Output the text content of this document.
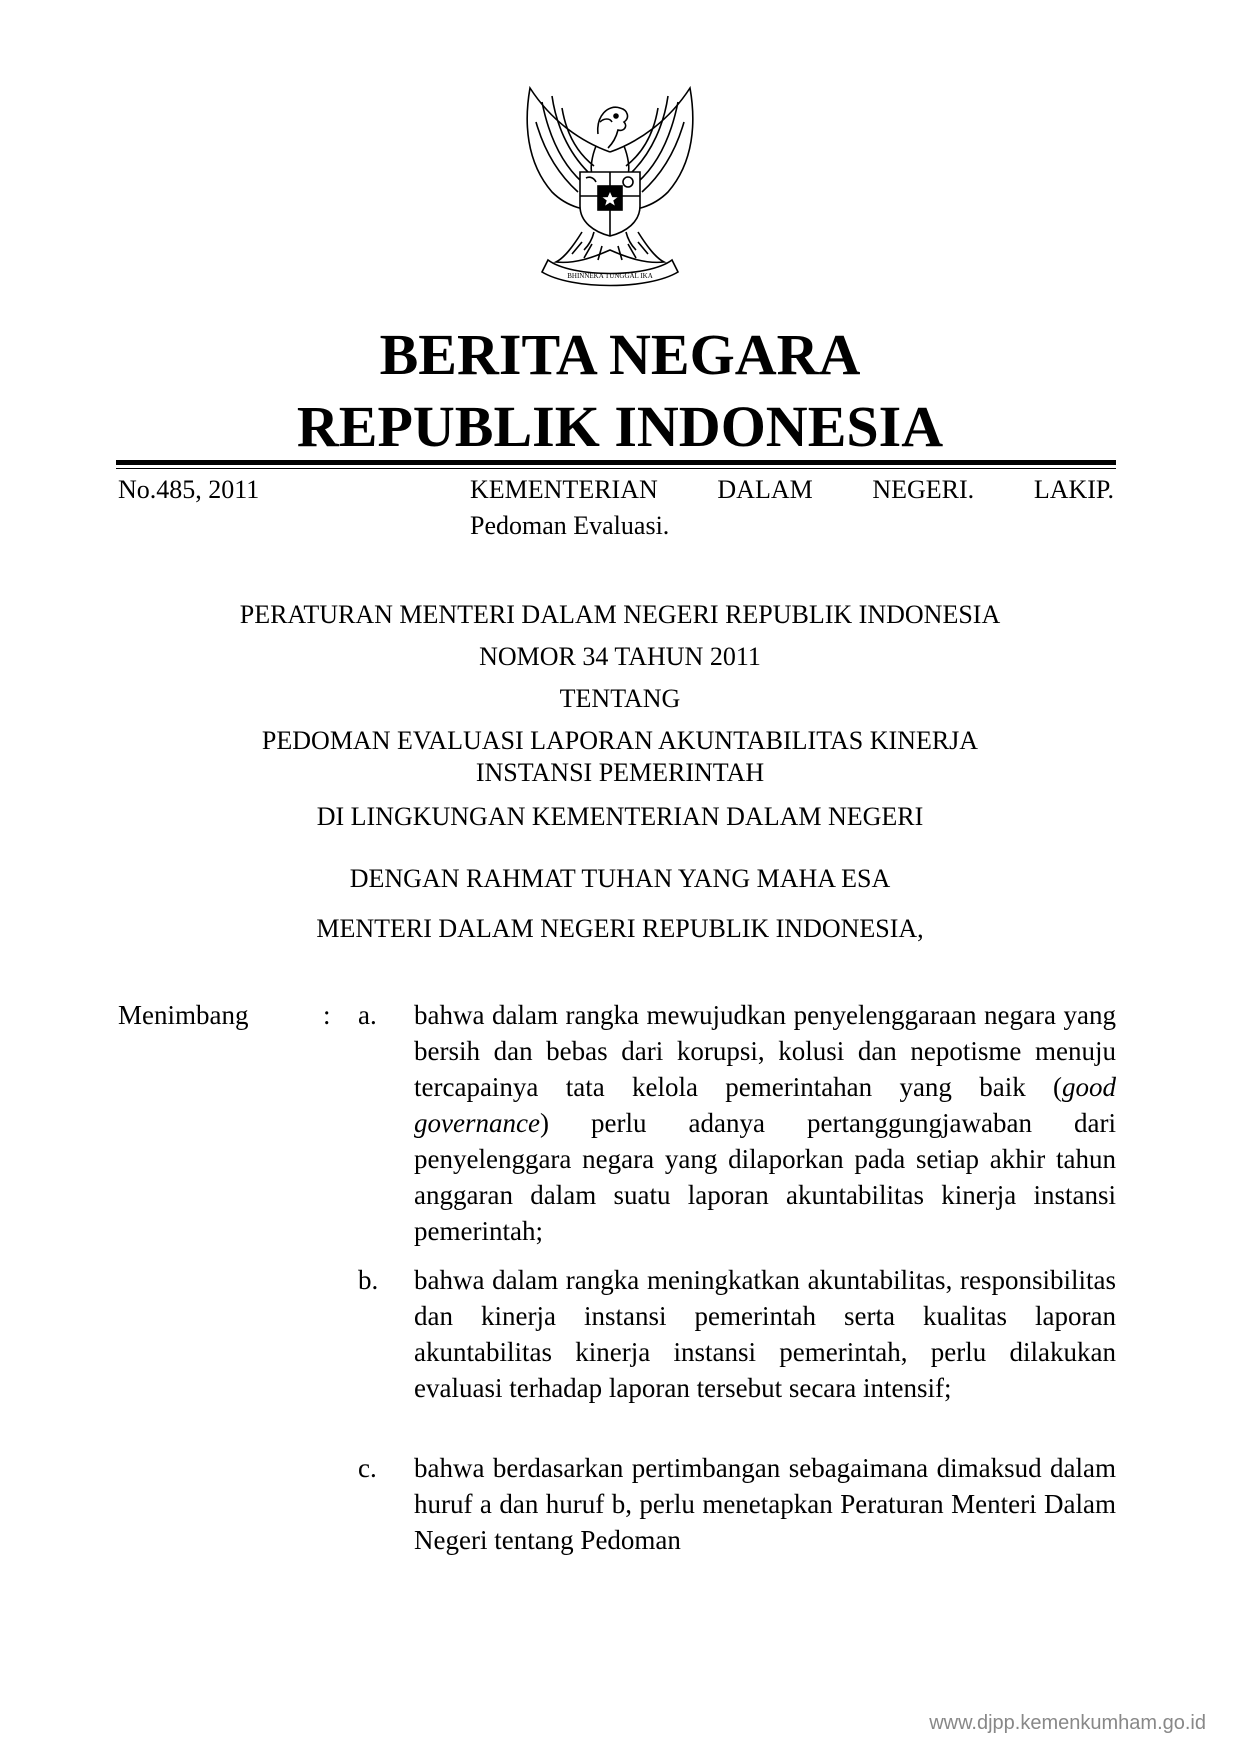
BHINNEKA TUNGGAL IKA
BERITA NEGARA
REPUBLIK INDONESIA
No.485, 2011	KEMENTERIAN DALAM NEGERI. LAKIP.
Pedoman Evaluasi.
PERATURAN MENTERI DALAM NEGERI REPUBLIK INDONESIA
NOMOR 34 TAHUN 2011
TENTANG
PEDOMAN EVALUASI LAPORAN AKUNTABILITAS KINERJA
INSTANSI PEMERINTAH
DI LINGKUNGAN KEMENTERIAN DALAM NEGERI
DENGAN RAHMAT TUHAN YANG MAHA ESA
MENTERI DALAM NEGERI REPUBLIK INDONESIA,
Menimbang	: a. bahwa dalam rangka mewujudkan penyelenggaraan negara yang bersih dan bebas dari korupsi, kolusi dan nepotisme menuju tercapainya tata kelola pemerintahan yang baik (good governance) perlu adanya pertanggungjawaban dari penyelenggara negara yang dilaporkan pada setiap akhir tahun anggaran dalam suatu laporan akuntabilitas kinerja instansi pemerintah;
b. bahwa dalam rangka meningkatkan akuntabilitas, responsibilitas dan kinerja instansi pemerintah serta kualitas laporan akuntabilitas kinerja instansi pemerintah, perlu dilakukan evaluasi terhadap laporan tersebut secara intensif;
c. bahwa berdasarkan pertimbangan sebagaimana dimaksud dalam huruf a dan huruf b, perlu menetapkan Peraturan Menteri Dalam Negeri tentang Pedoman
www.djpp.kemenkumham.go.id
